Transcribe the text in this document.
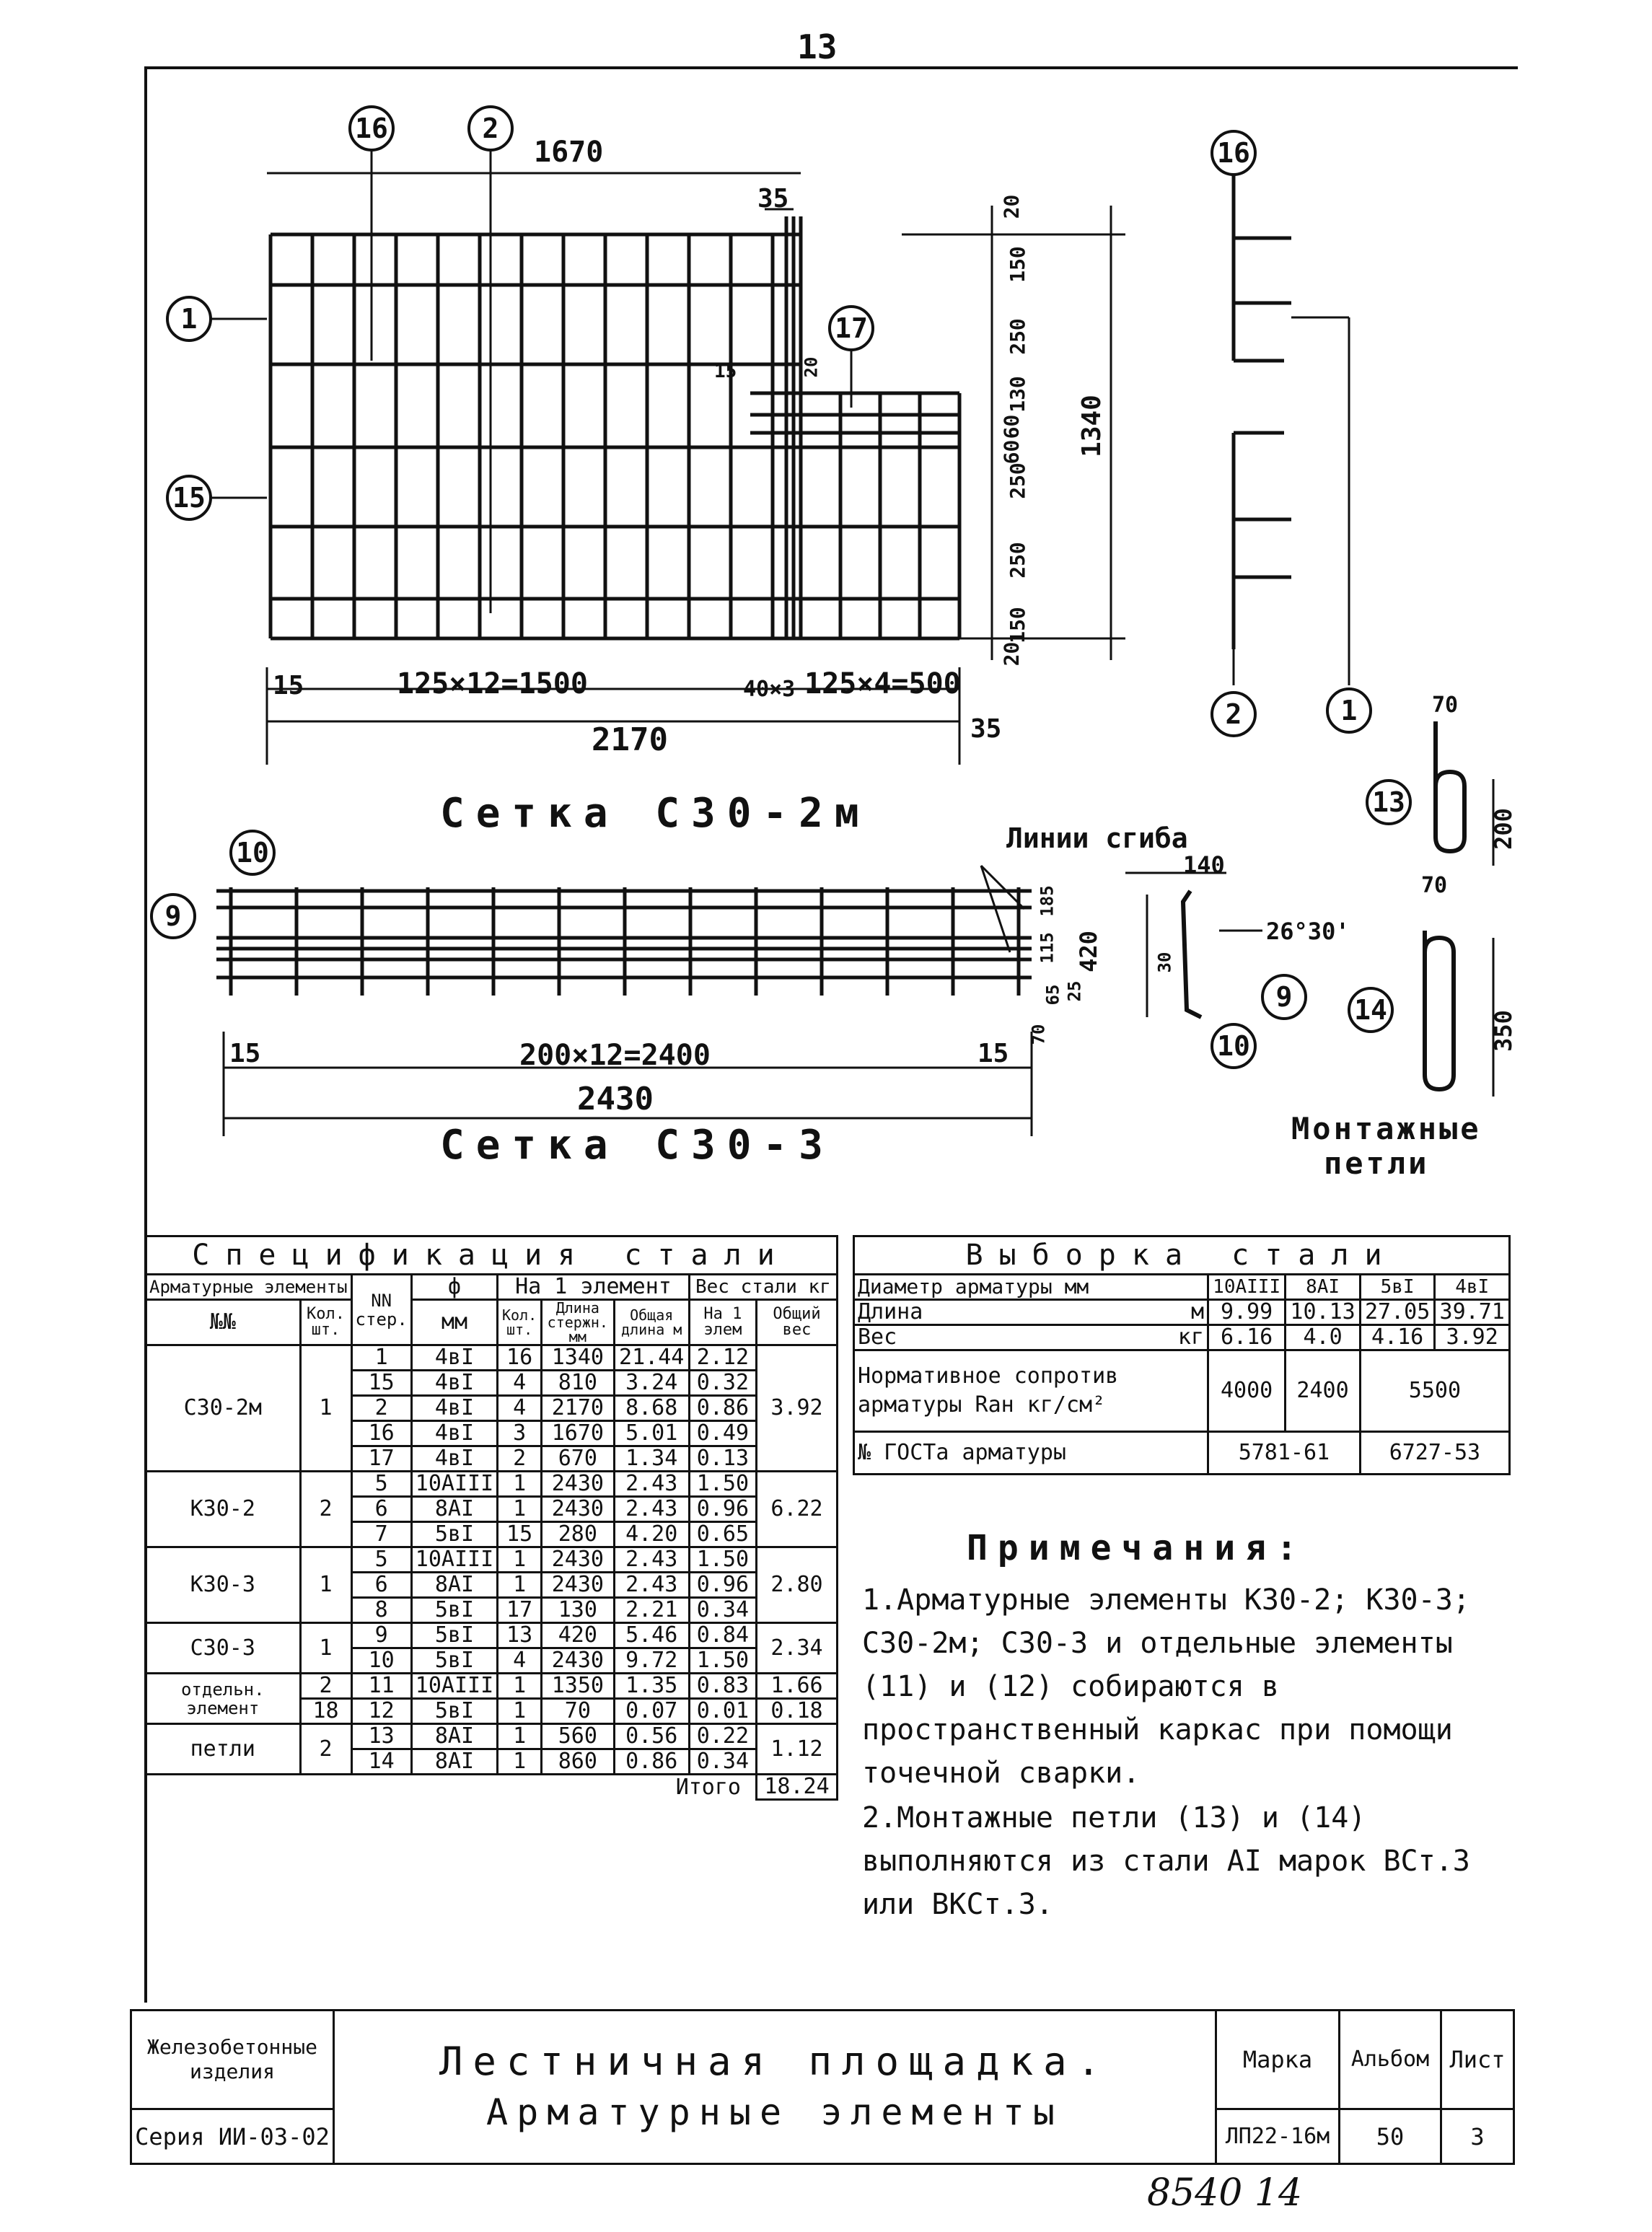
13
16	2
1
15
17
16
2	1
10
9
9
10
13
14
1670
35
15	125×12=1500	40×3 125×4=500
2170	35
15	20
20
150
250
130
60
60
250
250
150
20
1340
Сетка С30-2м
15	200×12=2400	15
2430
Сетка С30-3
Линии сгиба
140
420
185
115
65
30
25
70
26°30'
70
200
70
350
Монтажные
петли
Спецификация стали								
Арматурные элементы		NN стер.	ф	На 1 элемент			Вес стали кг	
№№	Кол. шт.		мм	Кол. шт.	Длина стержн. мм	Общая длина м	На 1 элем	Общий вес
С30-2м	1	1	4вI	16	1340	21.44	2.12	3.92
		15	4вI	4	810	3.24	0.32	
		2	4вI	4	2170	8.68	0.86	
		16	4вI	3	1670	5.01	0.49	
		17	4вI	2	670	1.34	0.13	
К30-2	2	5	10АIII	1	2430	2.43	1.50	6.22
		6	8АI	1	2430	2.43	0.96	
		7	5вI	15	280	4.20	0.65	
К30-3	1	5	10АIII	1	2430	2.43	1.50	2.80
		6	8АI	1	2430	2.43	0.96	
		8	5вI	17	130	2.21	0.34	
С30-3	1	9	5вI	13	420	5.46	0.84	2.34
		10	5вI	4	2430	9.72	1.50	
отдельн. элемент	2	11	10АIII	1	1350	1.35	0.83	1.66
	18	12	5вI	1	70	0.07	0.01	0.18
петли	2	13	8АI	1	560	0.56	0.22	1.12
		14	8АI	1	860	0.86	0.34	
Итого								18.24
Выборка стали				
Диаметр арматуры мм	10АIII	8АI	5вI	4вI
Длина м	9.99	10.13	27.05	39.71
Вес кг	6.16	4.0	4.16	3.92
Нормативное сопротив арматуры Rан кг/см²	4000	2400	5500	
№ ГОСТа арматуры	5781-61		6727-53	
Примечания:
1.Арматурные элементы К30-2; К30-3; С30-2м; С30-3 и отдельные элементы (11) и (12) собираются в пространственный каркас при помощи точечной сварки.
2.Монтажные петли (13) и (14) выполняются из стали АI марок ВСт.3 или ВКСт.3.
Железобетонные изделия	Лестничная площадка.
Арматурные элементы	Марка	Альбом	Лист
Серия ИИ-03-02		ЛП22-16м	50	3
8540 14
